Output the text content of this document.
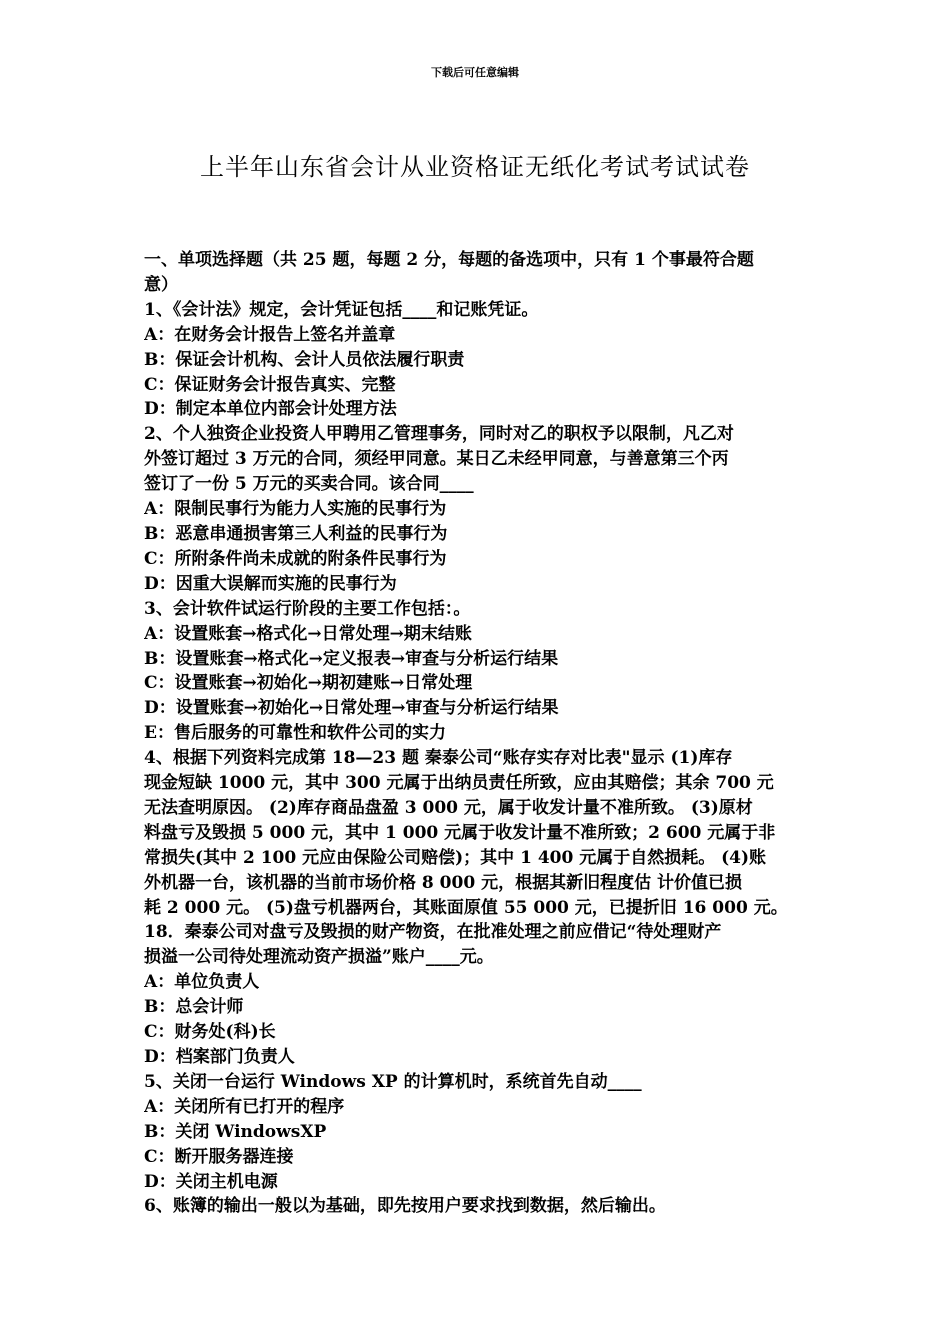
下载后可任意编辑
上半年山东省会计从业资格证无纸化考试考试试卷
一、单项选择题（共 25 题，每题 2 分，每题的备选项中，只有 1 个事最符合题
意）
1、《会计法》规定，会计凭证包括____和记账凭证。
A：在财务会计报告上签名并盖章
B：保证会计机构、会计人员依法履行职责
C：保证财务会计报告真实、完整
D：制定本单位内部会计处理方法
2、个人独资企业投资人甲聘用乙管理事务，同时对乙的职权予以限制，凡乙对
外签订超过 3 万元的合同，须经甲同意。某日乙未经甲同意，与善意第三个丙
签订了一份 5 万元的买卖合同。该合同____
A：限制民事行为能力人实施的民事行为
B：恶意串通损害第三人利益的民事行为
C：所附条件尚未成就的附条件民事行为
D：因重大误解而实施的民事行为
3、会计软件试运行阶段的主要工作包括：。
A：设置账套→格式化→日常处理→期末结账
B：设置账套→格式化→定义报表→审查与分析运行结果
C：设置账套→初始化→期初建账→日常处理
D：设置账套→初始化→日常处理→审查与分析运行结果
E：售后服务的可靠性和软件公司的实力
4、根据下列资料完成第 18—23 题 秦泰公司“账存实存对比表"显示 (1)库存
现金短缺 1000 元，其中 300 元属于出纳员责任所致，应由其赔偿；其余 700 元
无法查明原因。 (2)库存商品盘盈 3 000 元，属于收发计量不准所致。 (3)原材
料盘亏及毁损 5 000 元，其中 1 000 元属于收发计量不准所致；2 600 元属于非
常损失(其中 2 100 元应由保险公司赔偿)；其中 1 400 元属于自然损耗。 (4)账
外机器一台，该机器的当前市场价格 8 000 元，根据其新旧程度估 计价值已损
耗 2 000 元。 (5)盘亏机器两台，其账面原值 55 000 元，已提折旧 16 000 元。
18．秦泰公司对盘亏及毁损的财产物资，在批准处理之前应借记“待处理财产
损溢一公司待处理流动资产损溢”账户____元。
A：单位负责人
B：总会计师
C：财务处(科)长
D：档案部门负责人
5、关闭一台运行 Windows XP 的计算机时，系统首先自动____
A：关闭所有已打开的程序
B：关闭 WindowsXP
C：断开服务器连接
D：关闭主机电源
6、账簿的输出一般以为基础，即先按用户要求找到数据，然后输出。
